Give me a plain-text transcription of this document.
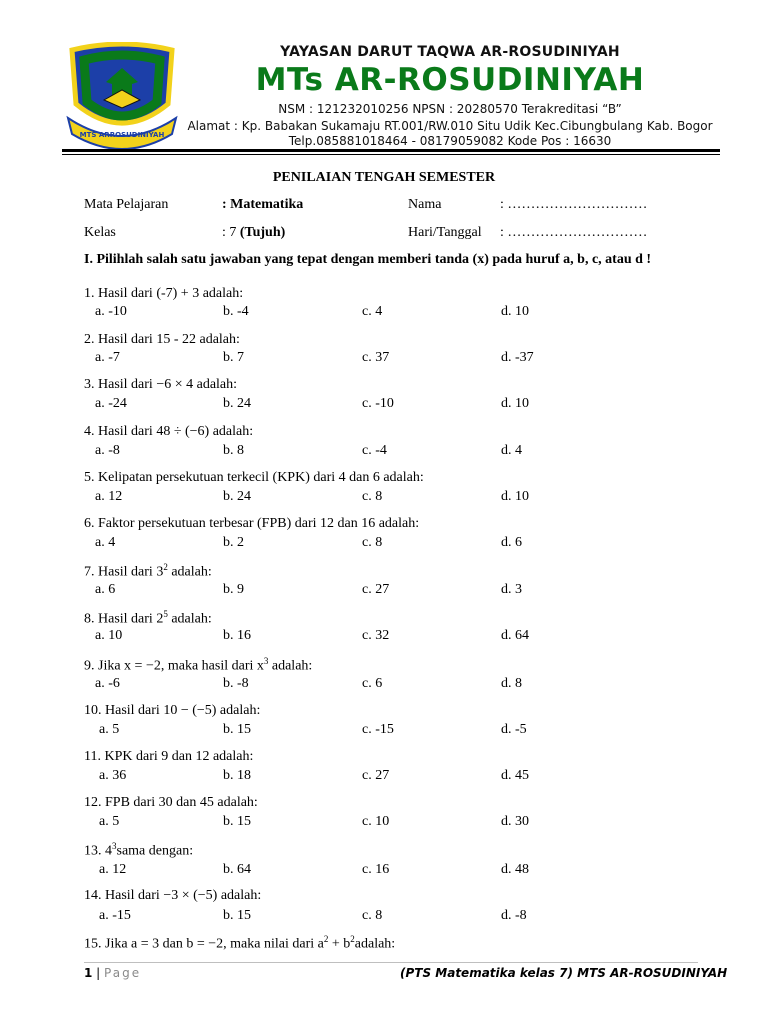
MTS ARROSUDINIYAH
YAYASAN DARUT TAQWA AR-ROSUDINIYAH
MTs AR-ROSUDINIYAH
NSM : 121232010256 NPSN : 20280570 Terakreditasi “B”
Alamat : Kp. Babakan Sukamaju RT.001/RW.010 Situ Udik Kec.Cibungbulang Kab. Bogor
Telp.085881018464 - 08179059082 Kode Pos : 16630
PENILAIAN TENGAH SEMESTER
Mata Pelajaran	: Matematika	Nama	: …………………………
Kelas	: 7 (Tujuh)	Hari/Tanggal : …………………………
I. Pilihlah salah satu jawaban yang tepat dengan memberi tanda (x) pada huruf a, b, c, atau d !
1. Hasil dari (-7) + 3 adalah:
a. -10	b. -4	c. 4	d. 10
2. Hasil dari 15 - 22 adalah:
a. -7	b. 7	c. 37	d. -37
3. Hasil dari −6 × 4 adalah:
a. -24	b. 24	c. -10	d. 10
4. Hasil dari 48 ÷ (−6) adalah:
a. -8	b. 8	c. -4	d. 4
5. Kelipatan persekutuan terkecil (KPK) dari 4 dan 6 adalah:
a. 12	b. 24	c. 8	d. 10
6. Faktor persekutuan terbesar (FPB) dari 12 dan 16 adalah:
a. 4	b. 2	c. 8	d. 6
7. Hasil dari $3^2$ adalah:
a. 6	b. 9	c. 27	d. 3
8. Hasil dari $2^5$ adalah:
a. 10	b. 16	c. 32	d. 64
9. Jika x = −2, maka hasil dari $x^3$ adalah:
a. -6	b. -8	c. 6	d. 8
10. Hasil dari 10 − (−5) adalah:
a. 5	b. 15	c. -15	d. -5
11. KPK dari 9 dan 12 adalah:
a. 36	b. 18	c. 27	d. 45
12. FPB dari 30 dan 45 adalah:
a. 5	b. 15	c. 10	d. 30
13. $4^3sama$ dengan:
a. 12	b. 64	c. 16	d. 48
14. Hasil dari −3 × (−5) adalah:
a. -15	b. 15	c. 8	d. -8
15. Jika a = 3 dan b = −2, maka nilai dari $a^2$ + $b^2adalah$:
1 | Page	(PTS Matematika kelas 7) MTS AR-ROSUDINIYAH
